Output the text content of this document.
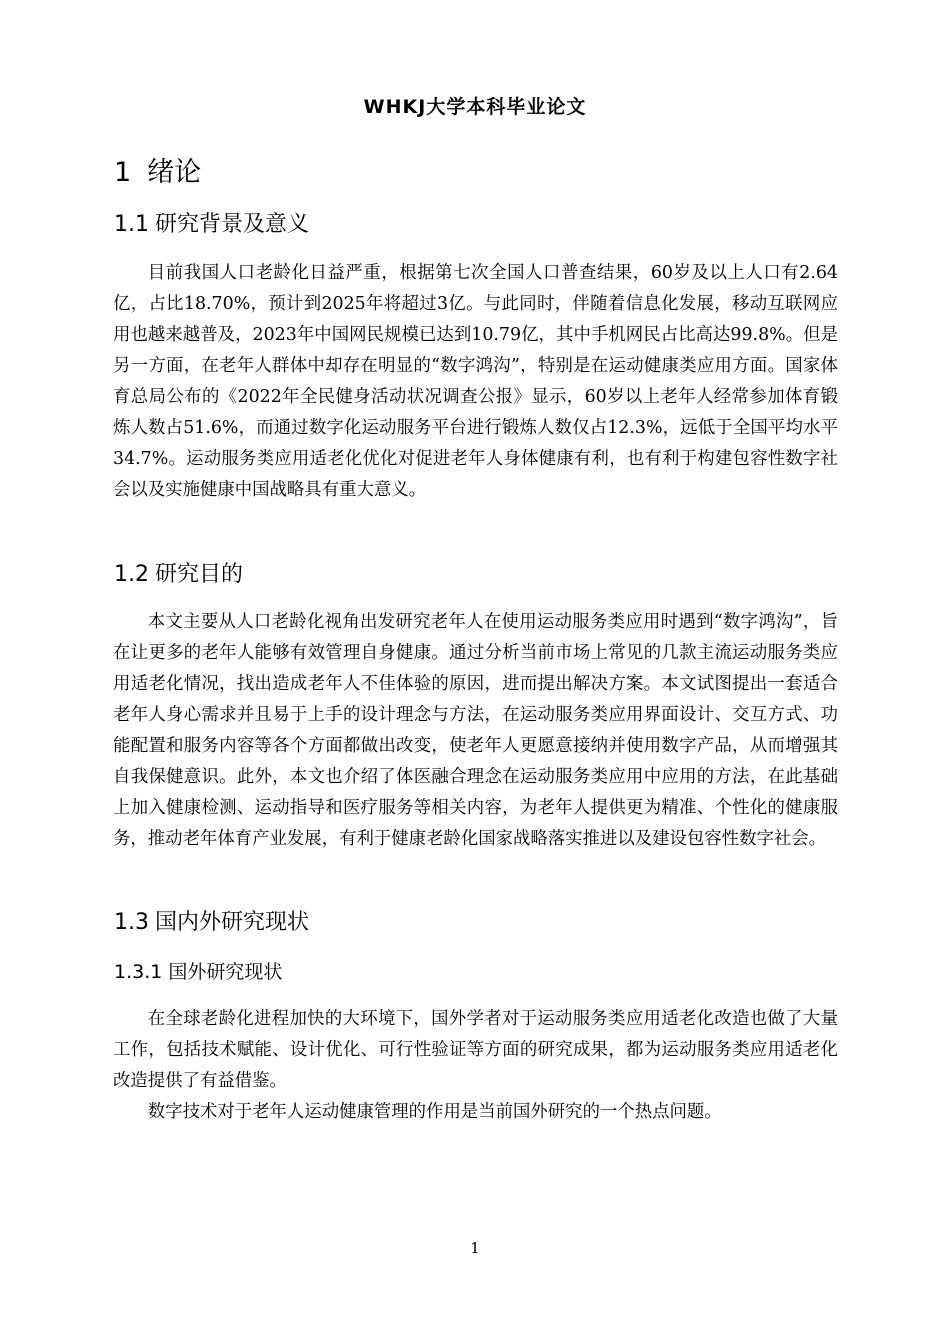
WHKJ大学本科毕业论文
1 绪论
1.1 研究背景及意义

目前我国人口老龄化日益严重，根据第七次全国人口普查结果，60岁及以上人口有2.64亿，占比18.70%，预计到2025年将超过3亿。与此同时，伴随着信息化发展，移动互联网应用也越来越普及，2023年中国网民规模已达到10.79亿，其中手机网民占比高达99.8%。但是另一方面，在老年人群体中却存在明显的“数字鸿沟”，特别是在运动健康类应用方面。国家体育总局公布的《2022年全民健身活动状况调查公报》显示，60岁以上老年人经常参加体育锻炼人数占51.6%，而通过数字化运动服务平台进行锻炼人数仅占12.3%，远低于全国平均水平34.7%。运动服务类应用适老化优化对促进老年人身体健康有利，也有利于构建包容性数字社会以及实施健康中国战略具有重大意义。

1.2 研究目的

本文主要从人口老龄化视角出发研究老年人在使用运动服务类应用时遇到“数字鸿沟”，旨在让更多的老年人能够有效管理自身健康。通过分析当前市场上常见的几款主流运动服务类应用适老化情况，找出造成老年人不佳体验的原因，进而提出解决方案。本文试图提出一套适合老年人身心需求并且易于上手的设计理念与方法，在运动服务类应用界面设计、交互方式、功能配置和服务内容等各个方面都做出改变，使老年人更愿意接纳并使用数字产品，从而增强其自我保健意识。此外，本文也介绍了体医融合理念在运动服务类应用中应用的方法，在此基础上加入健康检测、运动指导和医疗服务等相关内容，为老年人提供更为精准、个性化的健康服务，推动老年体育产业发展，有利于健康老龄化国家战略落实推进以及建设包容性数字社会。

1.3 国内外研究现状
1.3.1 国外研究现状

在全球老龄化进程加快的大环境下，国外学者对于运动服务类应用适老化改造也做了大量工作，包括技术赋能、设计优化、可行性验证等方面的研究成果，都为运动服务类应用适老化改造提供了有益借鉴。

数字技术对于老年人运动健康管理的作用是当前国外研究的一个热点问题。

1
